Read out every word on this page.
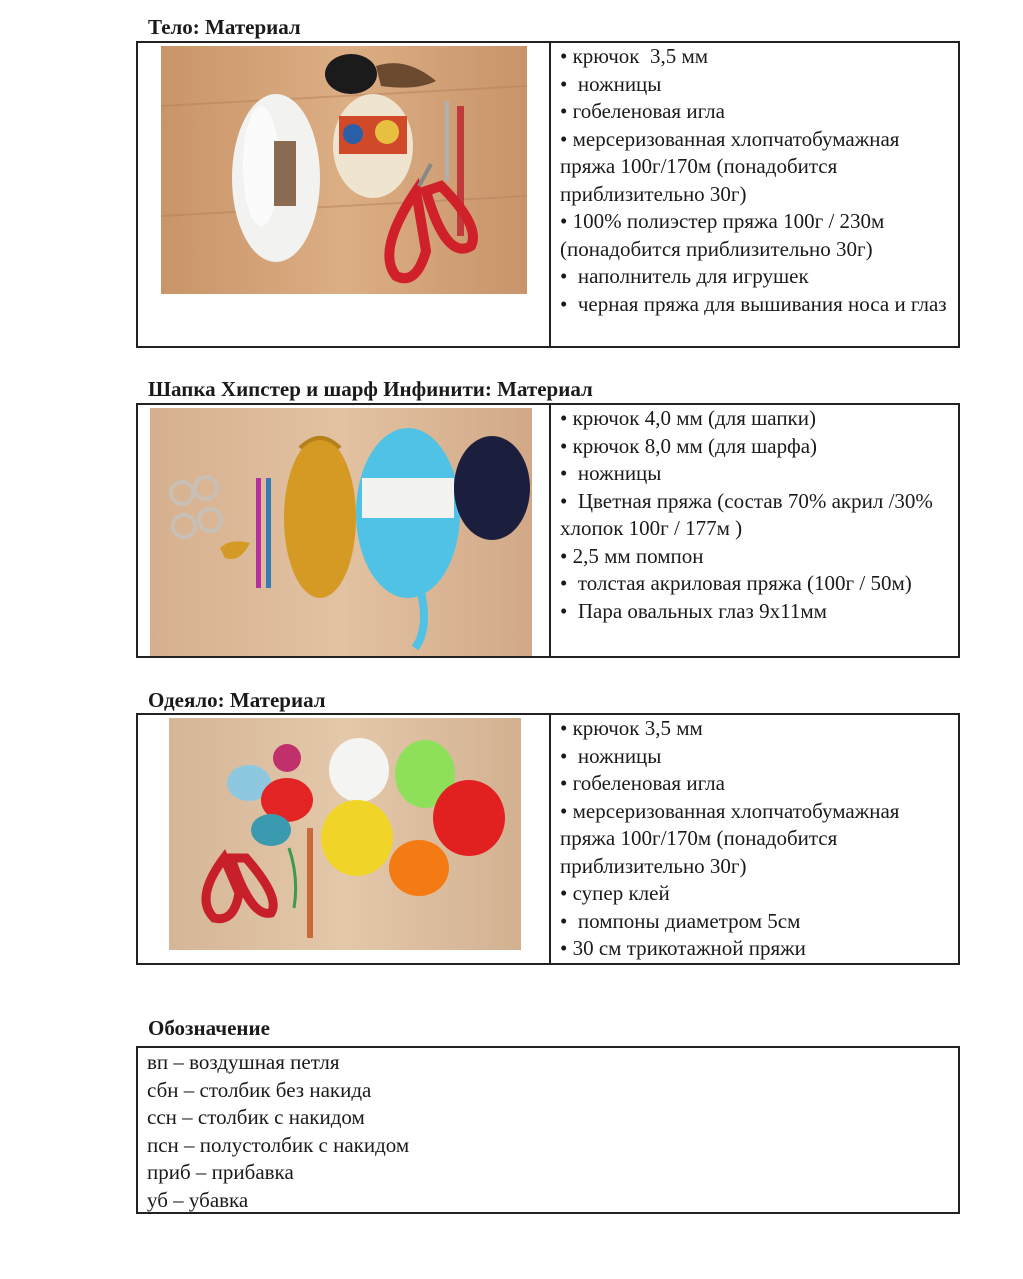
Тело: Материал

• крючок  3,5 мм

•  ножницы

• гобеленовая игла

• мерсеризованная хлопчатобумажная пряжа 100г/170м (понадобится приблизительно 30г)

• 100% полиэстер пряжа 100г / 230м (понадобится приблизительно 30г)

•  наполнитель для игрушек

•  черная пряжа для вышивания носа и глаз

Шапка Хипстер и шарф Инфинити: Материал

• крючок 4,0 мм (для шапки)

• крючок 8,0 мм (для шарфа)

•  ножницы

•  Цветная пряжа (состав 70% акрил /30% хлопок 100г / 177м )

• 2,5 мм помпон

•  толстая акриловая пряжа (100г / 50м)

•  Пара овальных глаз 9х11мм

Одеяло: Материал

• крючок 3,5 мм

•  ножницы

• гобеленовая игла

• мерсеризованная хлопчатобумажная пряжа 100г/170м (понадобится приблизительно 30г)

• супер клей

•  помпоны диаметром 5см

• 30 см трикотажной пряжи

Обозначение

вп – воздушная петля

сбн – столбик без накида

ссн – столбик с накидом

псн – полустолбик с накидом

приб – прибавка

уб – убавка
